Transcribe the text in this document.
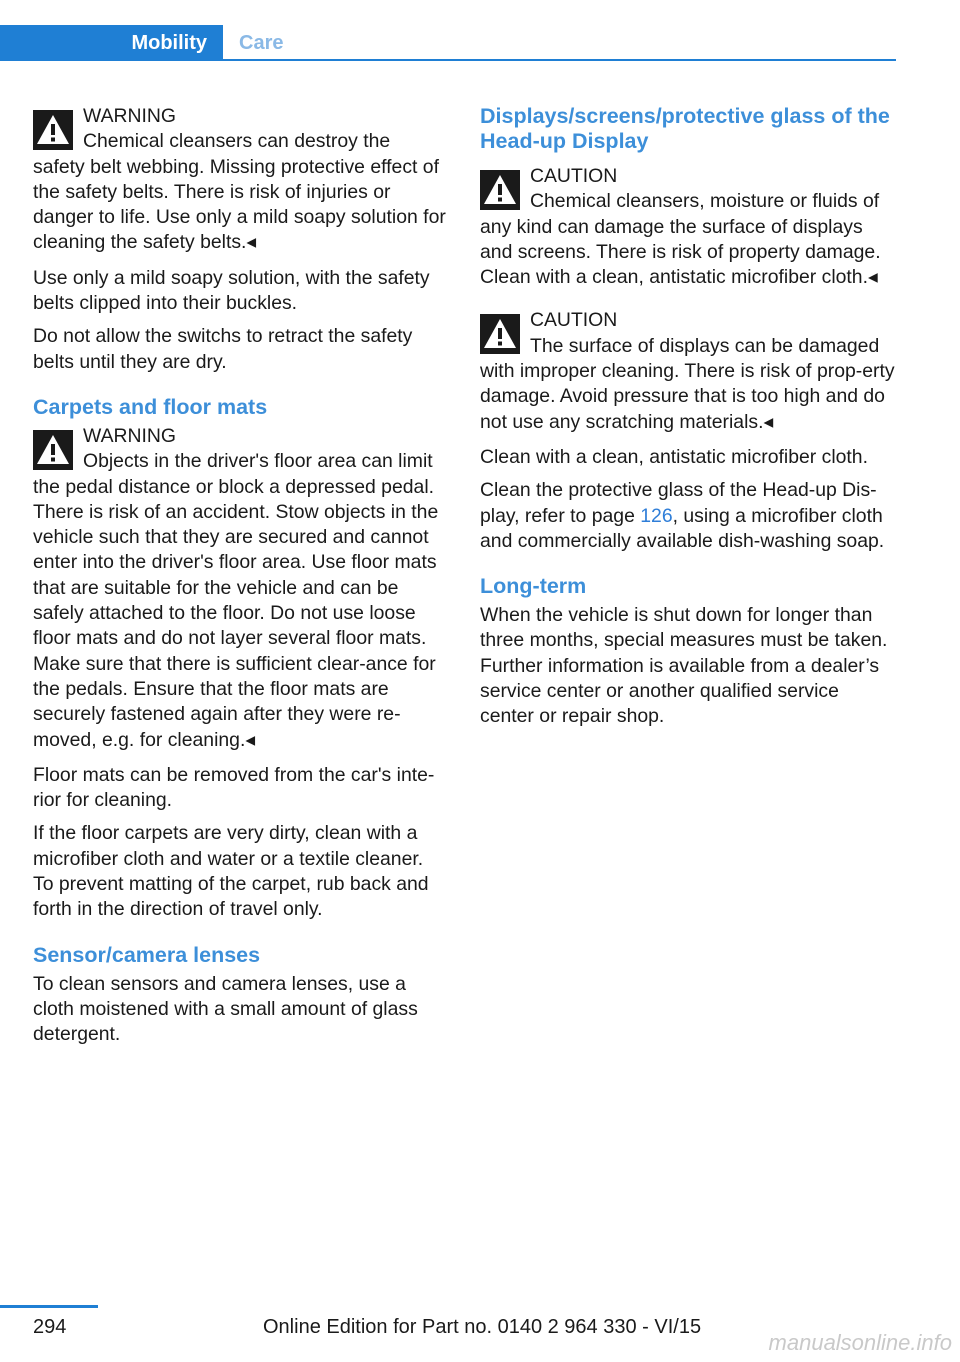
Mobility	Care
WARNING
Chemical cleansers can destroy the
safety belt webbing. Missing protective effect of the safety belts. There is risk of injuries or danger to life. Use only a mild soapy solution for cleaning the safety belts.◂

Use only a mild soapy solution, with the safety belts clipped into their buckles.

Do not allow the switchs to retract the safety belts until they are dry.

Carpets and floor mats
WARNING
Objects in the driver's floor area can limit
the pedal distance or block a depressed pedal. There is risk of an accident. Stow objects in the vehicle such that they are secured and cannot enter into the driver's floor area. Use floor mats that are suitable for the vehicle and can be safely attached to the floor. Do not use loose floor mats and do not layer several floor mats. Make sure that there is sufficient clear‐ance for the pedals. Ensure that the floor mats are securely fastened again after they were re‐moved, e.g. for cleaning.◂

Floor mats can be removed from the car's inte‐rior for cleaning.

If the floor carpets are very dirty, clean with a microfiber cloth and water or a textile cleaner. To prevent matting of the carpet, rub back and forth in the direction of travel only.

Sensor/camera lenses

To clean sensors and camera lenses, use a cloth moistened with a small amount of glass detergent.

Displays/screens/protective glass of the Head-up Display
CAUTION
Chemical cleansers, moisture or fluids of
any kind can damage the surface of displays and screens. There is risk of property damage. Clean with a clean, antistatic microfiber cloth.◂
CAUTION
The surface of displays can be damaged
with improper cleaning. There is risk of prop‐erty damage. Avoid pressure that is too high and do not use any scratching materials.◂

Clean with a clean, antistatic microfiber cloth.

Clean the protective glass of the Head-up Dis‐play, refer to page 126, using a microfiber cloth and commercially available dish-washing soap.

Long-term

When the vehicle is shut down for longer than three months, special measures must be taken. Further information is available from a dealer’s service center or another qualified service center or repair shop.

294	Online Edition for Part no. 0140 2 964 330 - VI/15
manualsonline.info
